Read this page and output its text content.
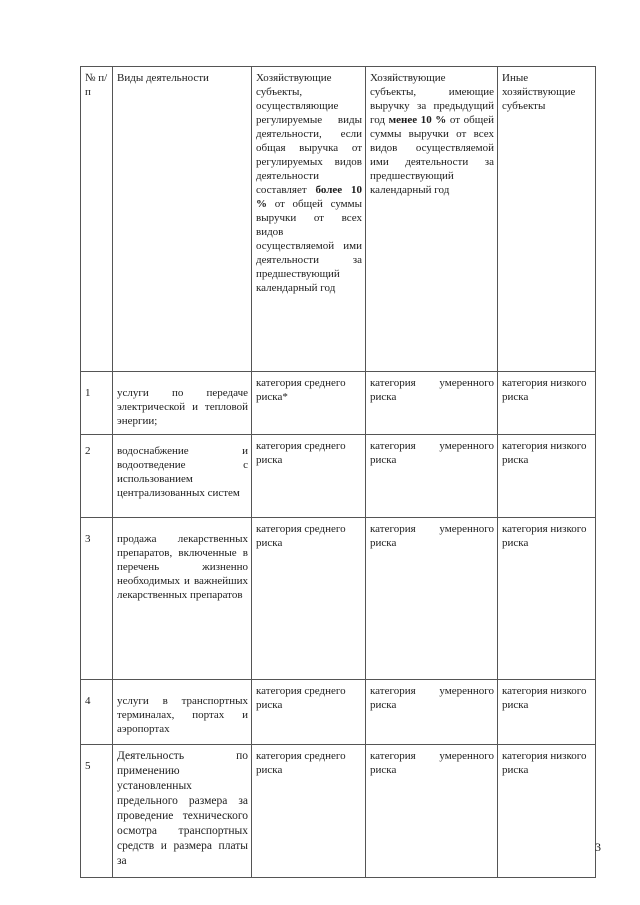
№ п/п	Виды деятельности	Хозяйствующие субъекты, осуществляющие регулируемые виды деятельности, если общая выручка от регулируемых видов деятельности составляет более 10 % от общей суммы выручки от всех видов осуществляемой ими деятельности за предшествующий календарный год	Хозяйствующие субъекты, имеющие выручку за предыдущий год менее 10 % от общей суммы выручки от всех видов осуществляемой ими деятельности за предшествующий календарный год	Иные хозяйствующие субъекты
1	услуги по передаче электрической и тепловой энергии;	категория среднего риска*	категория умеренного риска	категория низкого риска
2	водоснабжение и водоотведение с использованием централизованных систем	категория среднего риска	категория умеренного риска	категория низкого риска
3	продажа лекарственных препаратов, включенные в перечень жизненно необходимых и важнейших лекарственных препаратов	категория среднего риска	категория умеренного риска	категория низкого риска
4	услуги в транспортных терминалах, портах и аэропортах	категория среднего риска	категория умеренного риска	категория низкого риска
5	Деятельность по применению установленных предельного размера за проведение технического осмотра транспортных средств и размера платы за	категория среднего риска	категория умеренного риска	категория низкого риска
3
